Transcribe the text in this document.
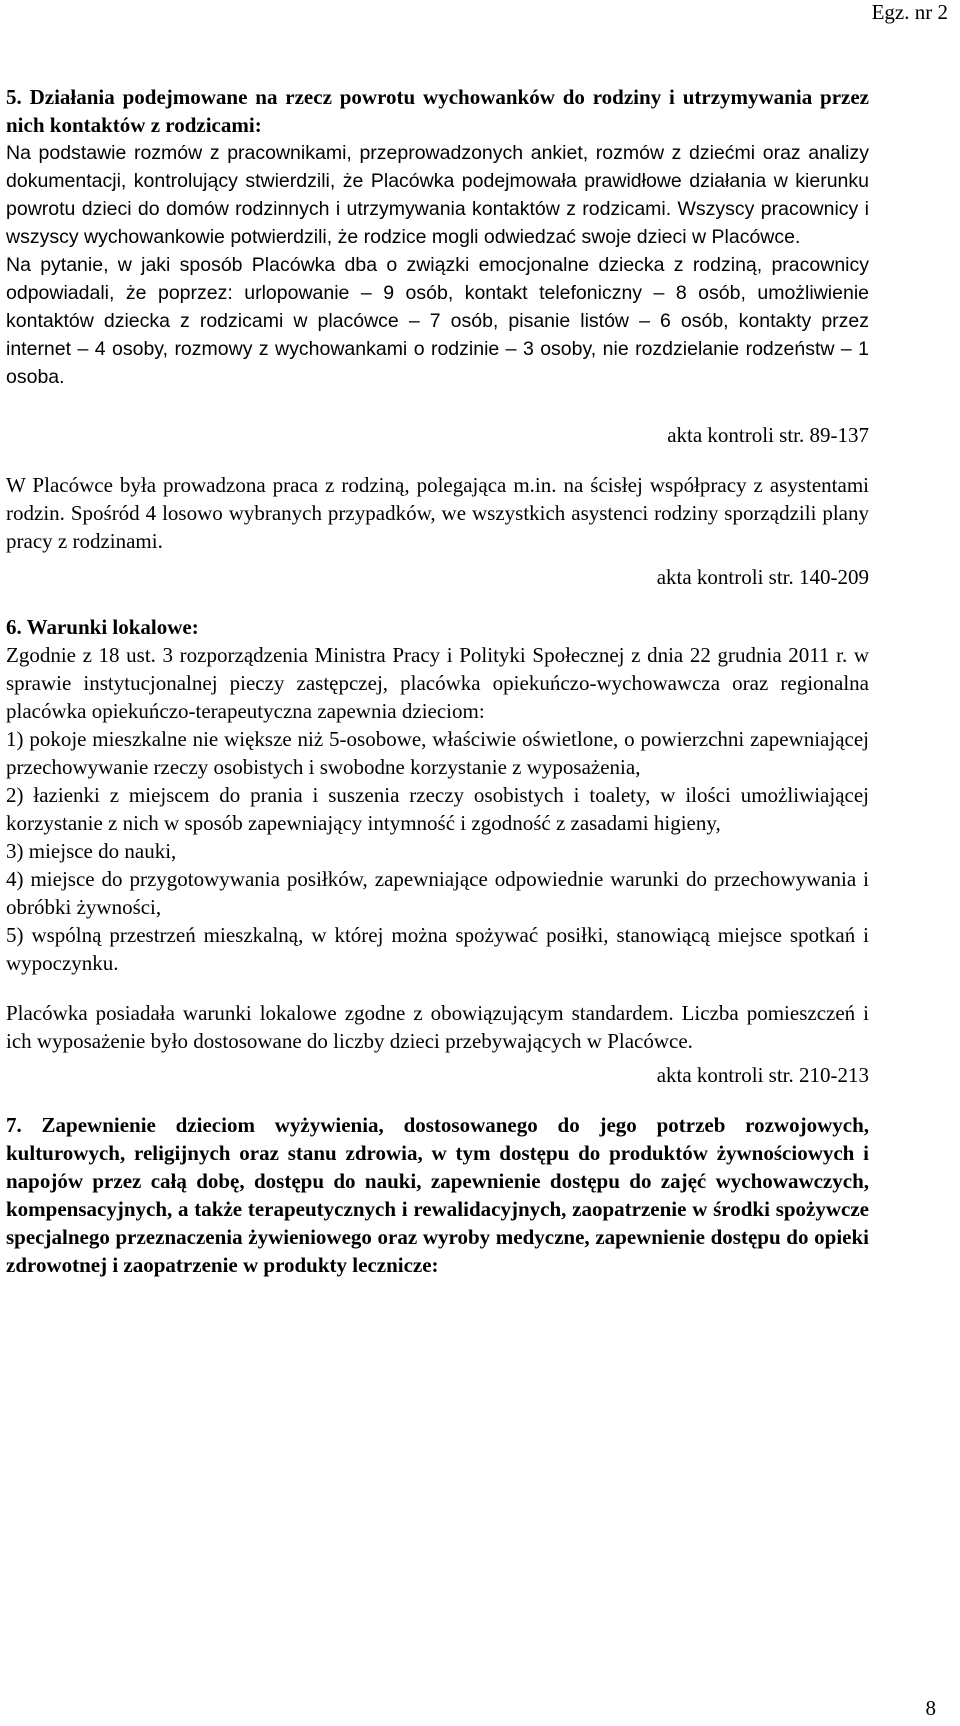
Egz. nr 2

5. Działania podejmowane na rzecz powrotu wychowanków do rodziny i utrzymywania przez nich kontaktów z rodzicami:

Na podstawie rozmów z pracownikami, przeprowadzonych ankiet, rozmów z dziećmi oraz analizy dokumentacji, kontrolujący stwierdzili, że Placówka podejmowała prawidłowe działania w kierunku powrotu dzieci do domów rodzinnych i utrzymywania kontaktów z rodzicami. Wszyscy pracownicy i wszyscy wychowankowie potwierdzili, że rodzice mogli odwiedzać swoje dzieci w Placówce.

Na pytanie, w jaki sposób Placówka dba o związki emocjonalne dziecka z rodziną, pracownicy odpowiadali, że poprzez: urlopowanie – 9 osób, kontakt telefoniczny – 8 osób, umożliwienie kontaktów dziecka z rodzicami w placówce – 7 osób, pisanie listów – 6 osób, kontakty przez internet – 4 osoby, rozmowy z wychowankami o rodzinie – 3 osoby, nie rozdzielanie rodzeństw – 1 osoba.

akta kontroli str. 89-137

W Placówce była prowadzona praca z rodziną, polegająca m.in. na ścisłej współpracy z asystentami rodzin. Spośród 4 losowo wybranych przypadków, we wszystkich asystenci rodziny sporządzili plany pracy z rodzinami.

akta kontroli str. 140-209

6. Warunki lokalowe:

Zgodnie z 18 ust. 3 rozporządzenia Ministra Pracy i Polityki Społecznej z dnia 22 grudnia 2011 r. w sprawie instytucjonalnej pieczy zastępczej, placówka opiekuńczo-wychowawcza oraz regionalna placówka opiekuńczo-terapeutyczna zapewnia dzieciom:

1) pokoje mieszkalne nie większe niż 5-osobowe, właściwie oświetlone, o powierzchni zapewniającej przechowywanie rzeczy osobistych i swobodne korzystanie z wyposażenia,

2) łazienki z miejscem do prania i suszenia rzeczy osobistych i toalety, w ilości umożliwiającej korzystanie z nich w sposób zapewniający intymność i zgodność z zasadami higieny,

3) miejsce do nauki,

4) miejsce do przygotowywania posiłków, zapewniające odpowiednie warunki do przechowywania i obróbki żywności,

5) wspólną przestrzeń mieszkalną, w której można spożywać posiłki, stanowiącą miejsce spotkań i wypoczynku.

Placówka posiadała warunki lokalowe zgodne z obowiązującym standardem. Liczba pomieszczeń i ich wyposażenie było dostosowane do liczby dzieci przebywających w Placówce.

akta kontroli str. 210-213

7. Zapewnienie dzieciom wyżywienia, dostosowanego do jego potrzeb rozwojowych, kulturowych, religijnych oraz stanu zdrowia, w tym dostępu do produktów żywnościowych i napojów przez całą dobę, dostępu do nauki, zapewnienie dostępu do zajęć wychowawczych, kompensacyjnych, a także terapeutycznych i rewalidacyjnych, zaopatrzenie w środki spożywcze specjalnego przeznaczenia żywieniowego oraz wyroby medyczne, zapewnienie dostępu do opieki zdrowotnej i zaopatrzenie w produkty lecznicze:

8
